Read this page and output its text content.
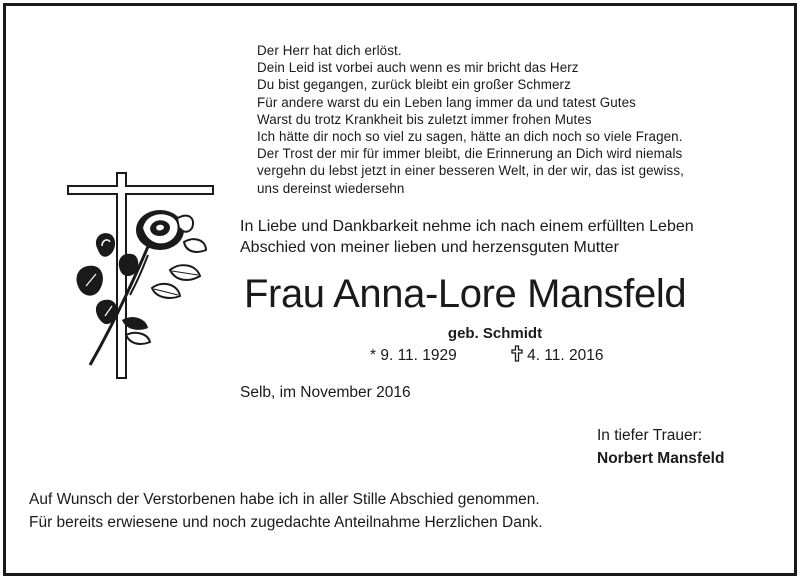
Der Herr hat dich erlöst.
Dein Leid ist vorbei auch wenn es mir bricht das Herz
Du bist gegangen, zurück bleibt ein großer Schmerz
Für andere warst du ein Leben lang immer da und tatest Gutes
Warst du trotz Krankheit bis zuletzt immer frohen Mutes
Ich hätte dir noch so viel zu sagen, hätte an dich noch so viele Fragen.
Der Trost der mir für immer bleibt, die Erinnerung an Dich wird niemals
vergehn du lebst jetzt in einer besseren Welt, in der wir, das ist gewiss,
uns dereinst wiedersehn
In Liebe und Dankbarkeit nehme ich nach einem erfüllten Leben
Abschied von meiner lieben und herzensguten Mutter
Frau Anna-Lore Mansfeld
geb. Schmidt
* 9. 11. 1929	4. 11. 2016
Selb, im November 2016
In tiefer Trauer:
Norbert Mansfeld
Auf Wunsch der Verstorbenen habe ich in aller Stille Abschied genommen.
Für bereits erwiesene und noch zugedachte Anteilnahme Herzlichen Dank.
